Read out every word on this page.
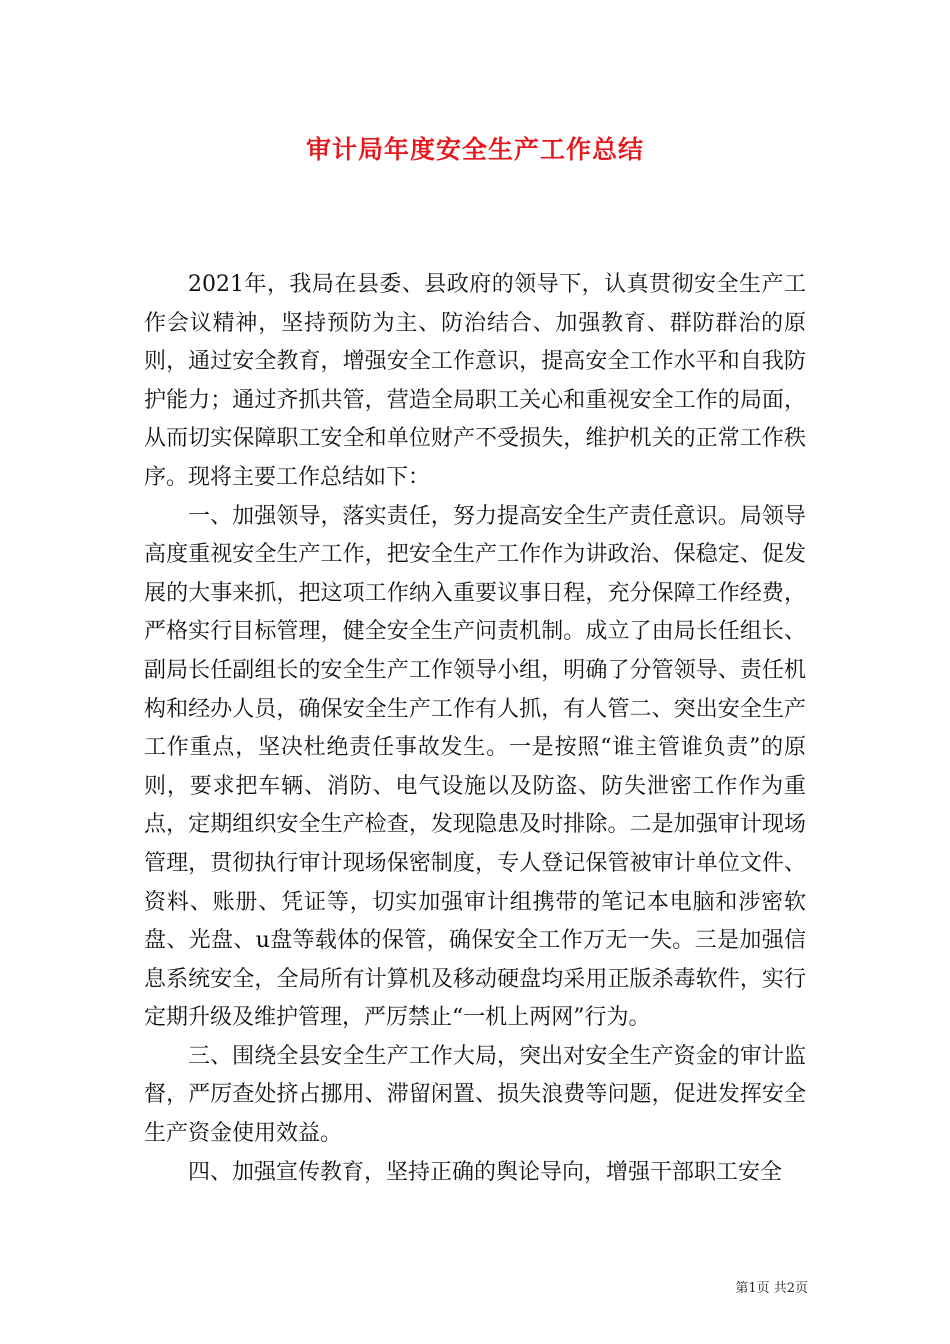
审计局年度安全生产工作总结

2021年，我局在县委、县政府的领导下，认真贯彻安全生产工作会议精神，坚持预防为主、防治结合、加强教育、群防群治的原则，通过安全教育，增强安全工作意识，提高安全工作水平和自我防护能力；通过齐抓共管，营造全局职工关心和重视安全工作的局面，从而切实保障职工安全和单位财产不受损失，维护机关的正常工作秩序。现将主要工作总结如下：

一、加强领导，落实责任，努力提高安全生产责任意识。局领导高度重视安全生产工作，把安全生产工作作为讲政治、保稳定、促发展的大事来抓，把这项工作纳入重要议事日程，充分保障工作经费，严格实行目标管理，健全安全生产问责机制。成立了由局长任组长、副局长任副组长的安全生产工作领导小组，明确了分管领导、责任机构和经办人员，确保安全生产工作有人抓，有人管二、突出安全生产工作重点，坚决杜绝责任事故发生。一是按照“谁主管谁负责”的原则，要求把车辆、消防、电气设施以及防盗、防失泄密工作作为重点，定期组织安全生产检查，发现隐患及时排除。二是加强审计现场管理，贯彻执行审计现场保密制度，专人登记保管被审计单位文件、资料、账册、凭证等，切实加强审计组携带的笔记本电脑和涉密软盘、光盘、u盘等载体的保管，确保安全工作万无一失。三是加强信息系统安全，全局所有计算机及移动硬盘均采用正版杀毒软件，实行定期升级及维护管理，严厉禁止“一机上两网”行为。

三、围绕全县安全生产工作大局，突出对安全生产资金的审计监督，严厉查处挤占挪用、滞留闲置、损失浪费等问题，促进发挥安全生产资金使用效益。

四、加强宣传教育，坚持正确的舆论导向，增强干部职工安全

第1页 共2页
